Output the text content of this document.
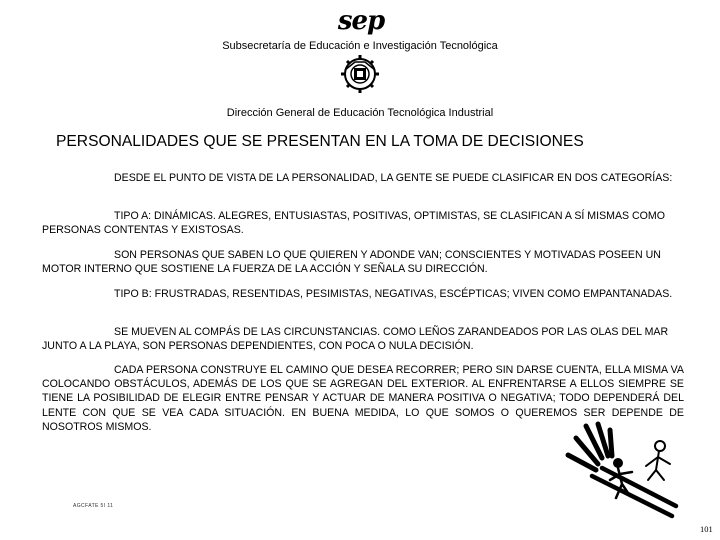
sep
Subsecretaría de Educación e Investigación Tecnológica
Dirección General de Educación Tecnológica Industrial
PERSONALIDADES QUE SE PRESENTAN EN LA TOMA DE DECISIONES
DESDE EL PUNTO DE VISTA DE LA PERSONALIDAD, LA GENTE SE PUEDE CLASIFICAR EN DOS CATEGORÍAS:
TIPO A: DINÁMICAS. ALEGRES, ENTUSIASTAS, POSITIVAS, OPTIMISTAS, SE CLASIFICAN A SÍ MISMAS COMO PERSONAS CONTENTAS Y EXISTOSAS.
SON PERSONAS QUE SABEN LO QUE QUIEREN Y ADONDE VAN; CONSCIENTES Y MOTIVADAS POSEEN UN MOTOR INTERNO QUE SOSTIENE LA FUERZA DE LA ACCIÓN Y SEÑALA SU DIRECCIÓN.
TIPO B: FRUSTRADAS, RESENTIDAS, PESIMISTAS, NEGATIVAS, ESCÉPTICAS; VIVEN COMO EMPANTANADAS.
SE MUEVEN AL COMPÁS DE LAS CIRCUNSTANCIAS. COMO LEÑOS ZARANDEADOS POR LAS OLAS DEL MAR JUNTO A LA PLAYA, SON PERSONAS DEPENDIENTES, CON POCA O NULA DECISIÓN.
CADA PERSONA CONSTRUYE EL CAMINO QUE DESEA RECORRER; PERO SIN DARSE CUENTA, ELLA MISMA VA COLOCANDO OBSTÁCULOS, ADEMÁS DE LOS QUE SE AGREGAN DEL EXTERIOR. AL ENFRENTARSE A ELLOS SIEMPRE SE TIENE LA POSIBILIDAD DE ELEGIR ENTRE PENSAR Y ACTUAR DE MANERA POSITIVA O NEGATIVA; TODO DEPENDERÁ DEL LENTE CON QUE SE VEA CADA SITUACIÓN. EN BUENA MEDIDA, LO QUE SOMOS O QUEREMOS SER DEPENDE DE NOSOTROS MISMOS.
AGCFATE 5I 11
101
